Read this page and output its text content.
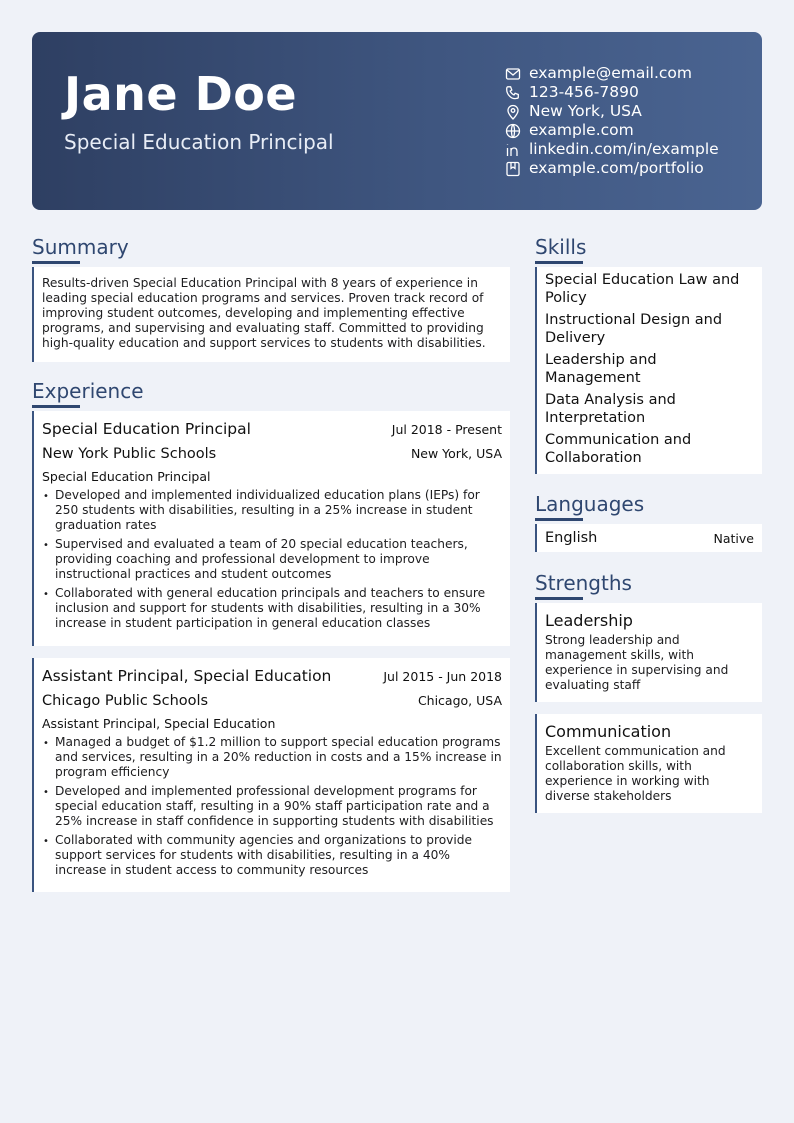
Jane Doe
Special Education Principal
example@email.com
123-456-7890
New York, USA
example.com
linkedin.com/in/example
example.com/portfolio
Summary

Results-driven Special Education Principal with 8 years of experience in leading special education programs and services. Proven track record of improving student outcomes, developing and implementing effective programs, and supervising and evaluating staff. Committed to providing high-quality education and support services to students with disabilities.

Experience
Special Education Principal	Jul 2018 - Present
New York Public Schools	New York, USA
Special Education Principal
• Developed and implemented individualized education plans (IEPs) for 250 students with disabilities, resulting in a 25% increase in student graduation rates
• Supervised and evaluated a team of 20 special education teachers, providing coaching and professional development to improve instructional practices and student outcomes
• Collaborated with general education principals and teachers to ensure inclusion and support for students with disabilities, resulting in a 30% increase in student participation in general education classes
Assistant Principal, Special Education	Jul 2015 - Jun 2018
Chicago Public Schools	Chicago, USA
Assistant Principal, Special Education
• Managed a budget of $1.2 million to support special education programs and services, resulting in a 20% reduction in costs and a 15% increase in program efficiency
• Developed and implemented professional development programs for special education staff, resulting in a 90% staff participation rate and a 25% increase in staff confidence in supporting students with disabilities
• Collaborated with community agencies and organizations to provide support services for students with disabilities, resulting in a 40% increase in student access to community resources
Skills
Special Education Law and Policy
Instructional Design and Delivery
Leadership and Management
Data Analysis and Interpretation
Communication and Collaboration
Languages
English	Native
Strengths
Leadership
Strong leadership and management skills, with experience in supervising and evaluating staff
Communication
Excellent communication and collaboration skills, with experience in working with diverse stakeholders
